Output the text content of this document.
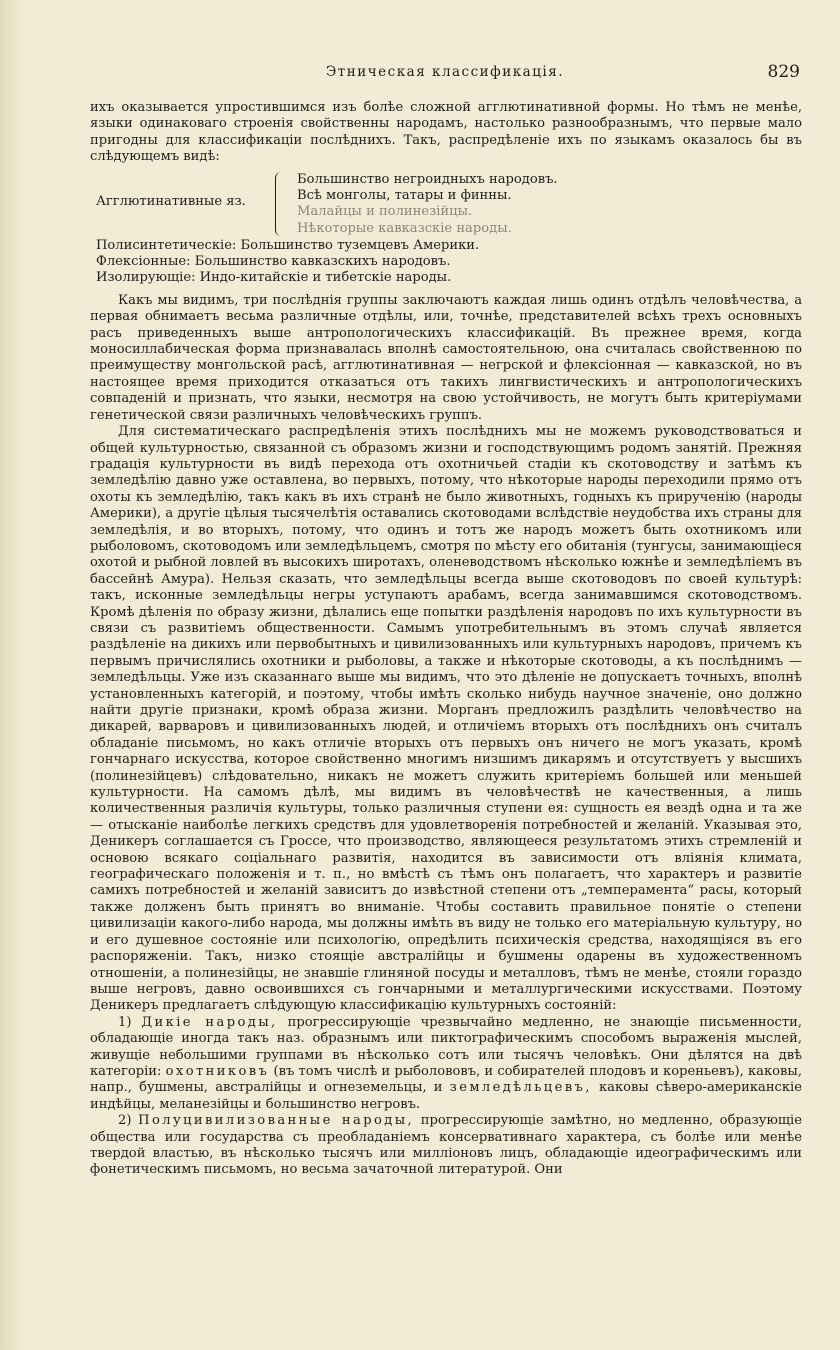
Этническая классификація.	829

ихъ оказывается упростившимся изъ болѣе сложной агглютинативной формы. Но тѣмъ не менѣе, языки одинаковаго строенія свойственны народамъ, настолько разнообразнымъ, что первые мало пригодны для классификаціи послѣднихъ. Такъ, распредѣленіе ихъ по языкамъ оказалось бы въ слѣдующемъ видѣ:

Агглютинативные яз.
Большинство негроидныхъ народовъ.
Всѣ монголы, татары и финны.
Малайцы и полинезійцы.
Нѣкоторые кавказскіе народы.
Полисинтетическіе: Большинство туземцевъ Америки.
Флексіонные: Большинство кавказскихъ народовъ.
Изолирующіе: Индо-китайскіе и тибетскіе народы.

Какъ мы видимъ, три послѣднія группы заключаютъ каждая лишь одинъ отдѣлъ человѣчества, а первая обнимаетъ весьма различные отдѣлы, или, точнѣе, представителей всѣхъ трехъ основныхъ расъ приведенныхъ выше антропологическихъ классификацій. Въ прежнее время, когда моносиллабическая форма признавалась вполнѣ самостоятельною, она считалась свойственною по преимуществу монгольской расѣ, агглютинативная — негрской и флексіонная — кавказской, но въ настоящее время приходится отказаться отъ такихъ лингвистическихъ и антропологическихъ совпаденій и признать, что языки, несмотря на свою устойчивость, не могутъ быть критеріумами генетической связи различныхъ человѣческихъ группъ.

Для систематическаго распредѣленія этихъ послѣднихъ мы не можемъ руководствоваться и общей культурностью, связанной съ образомъ жизни и господствующимъ родомъ занятій. Прежняя градація культурности въ видѣ перехода отъ охотничьей стадіи къ скотоводству и затѣмъ къ земледѣлію давно уже оставлена, во первыхъ, потому, что нѣкоторые народы переходили прямо отъ охоты къ земледѣлію, такъ какъ въ ихъ странѣ не было животныхъ, годныхъ къ прирученію (народы Америки), а другіе цѣлыя тысячелѣтія оставались скотоводами вслѣдствіе неудобства ихъ страны для земледѣлія, и во вторыхъ, потому, что одинъ и тотъ же народъ можетъ быть охотникомъ или рыболовомъ, скотоводомъ или земледѣльцемъ, смотря по мѣсту его обитанія (тунгусы, занимающіеся охотой и рыбной ловлей въ высокихъ широтахъ, оленеводствомъ нѣсколько южнѣе и земледѣліемъ въ бассейнѣ Амура). Нельзя сказать, что земледѣльцы всегда выше скотоводовъ по своей культурѣ: такъ, исконные земледѣльцы негры уступаютъ арабамъ, всегда занимавшимся скотоводствомъ. Кромѣ дѣленія по образу жизни, дѣлались еще попытки раздѣленія народовъ по ихъ культурности въ связи съ развитіемъ общественности. Самымъ употребительнымъ въ этомъ случаѣ является раздѣленіе на дикихъ или первобытныхъ и цивилизованныхъ или культурныхъ народовъ, причемъ къ первымъ причислялись охотники и рыболовы, а также и нѣкоторые скотоводы, а къ послѣднимъ — земледѣльцы. Уже изъ сказаннаго выше мы видимъ, что это дѣленіе не допускаетъ точныхъ, вполнѣ установленныхъ категорій, и поэтому, чтобы имѣть сколько нибудь научное значеніе, оно должно найти другіе признаки, кромѣ образа жизни. Морганъ предложилъ раздѣлить человѣчество на дикарей, варваровъ и цивилизованныхъ людей, и отличіемъ вторыхъ отъ послѣднихъ онъ считалъ обладаніе письмомъ, но какъ отличіе вторыхъ отъ первыхъ онъ ничего не могъ указать, кромѣ гончарнаго искусства, которое свойственно многимъ низшимъ дикарямъ и отсутствуетъ у высшихъ (полинезійцевъ) слѣдовательно, никакъ не можетъ служить критеріемъ большей или меньшей культурности. На самомъ дѣлѣ, мы видимъ въ человѣчествѣ не качественныя, а лишь количественныя различія культуры, только различныя ступени ея: сущность ея вездѣ одна и та же — отысканіе наиболѣе легкихъ средствъ для удовлетворенія потребностей и желаній. Указывая это, Деникеръ соглашается съ Гроссе, что производство, являющееся результатомъ этихъ стремленій и основою всякаго соціальнаго развитія, находится въ зависимости отъ вліянія климата, географическаго положенія и т. п., но вмѣстѣ съ тѣмъ онъ полагаетъ, что характеръ и развитіе самихъ потребностей и желаній зависитъ до извѣстной степени отъ „темперамента“ расы, который также долженъ быть принятъ во вниманіе. Чтобы составить правильное понятіе о степени цивилизаціи какого-либо народа, мы должны имѣть въ виду не только его матеріальную культуру, но и его душевное состояніе или психологію, опредѣлить психическія средства, находящіяся въ его распоряженіи. Такъ, низко стоящіе австралійцы и бушмены одарены въ художественномъ отношеніи, а полинезійцы, не знавшіе глиняной посуды и металловъ, тѣмъ не менѣе, стояли гораздо выше негровъ, давно освоившихся съ гончарными и металлургическими искусствами. Поэтому Деникеръ предлагаетъ слѣдующую классификацію культурныхъ состояній:

1) Дикіе народы, прогрессирующіе чрезвычайно медленно, не знающіе письменности, обладающіе иногда такъ наз. образнымъ или пиктографическимъ способомъ выраженія мыслей, живущіе небольшими группами въ нѣсколько сотъ или тысячъ человѣкъ. Они дѣлятся на двѣ категоріи: охотниковъ (въ томъ числѣ и рыболововъ, и собирателей плодовъ и кореньевъ), каковы, напр., бушмены, австралійцы и огнеземельцы, и земледѣльцевъ, каковы сѣверо-американскіе индѣйцы, меланезійцы и большинство негровъ.

2) Полуцивилизованные народы, прогрессирующіе замѣтно, но медленно, образующіе общества или государства съ преобладаніемъ консервативнаго характера, съ болѣе или менѣе твердой властью, въ нѣсколько тысячъ или милліоновъ лицъ, обладающіе идеографическимъ или фонетическимъ письмомъ, но весьма зачаточной литературой. Они
